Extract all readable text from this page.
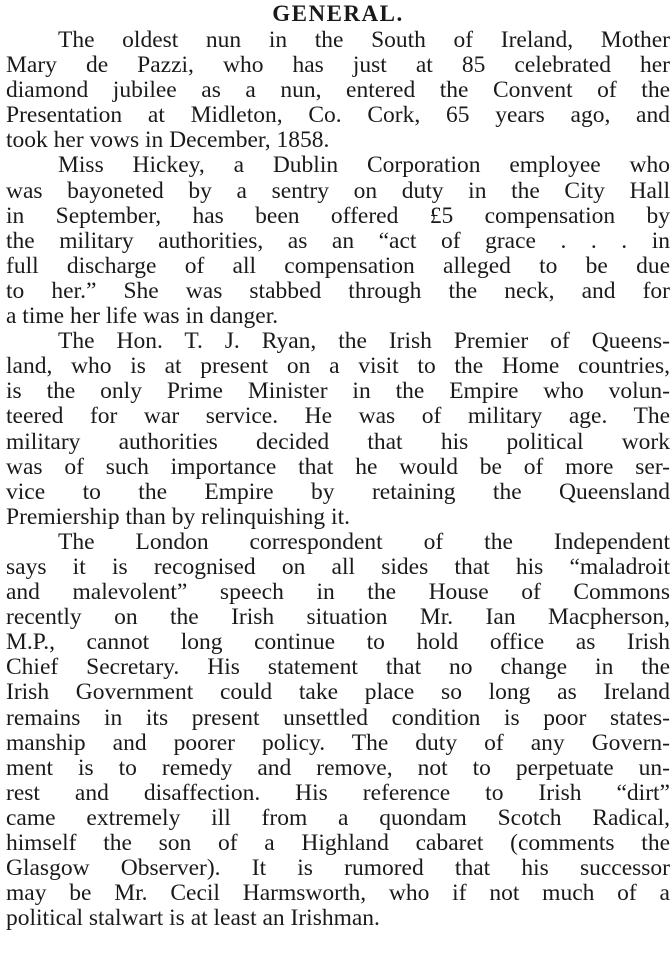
GENERAL.

The oldest nun in the South of Ireland, Mother
Mary de Pazzi, who has just at 85 celebrated her
diamond jubilee as a nun, entered the Convent of the
Presentation at Midleton, Co. Cork, 65 years ago, and
took her vows in December, 1858.

Miss Hickey, a Dublin Corporation employee who
was bayoneted by a sentry on duty in the City Hall
in September, has been offered £5 compensation by
the military authorities, as an “act of grace . . . in
full discharge of all compensation alleged to be due
to her.” She was stabbed through the neck, and for
a time her life was in danger.

The Hon. T. J. Ryan, the Irish Premier of Queens-
land, who is at present on a visit to the Home countries,
is the only Prime Minister in the Empire who volun-
teered for war service. He was of military age. The
military authorities decided that his political work
was of such importance that he would be of more ser-
vice to the Empire by retaining the Queensland
Premiership than by relinquishing it.

The London correspondent of the Independent
says it is recognised on all sides that his “maladroit
and malevolent” speech in the House of Commons
recently on the Irish situation Mr. Ian Macpherson,
M.P., cannot long continue to hold office as Irish
Chief Secretary. His statement that no change in the
Irish Government could take place so long as Ireland
remains in its present unsettled condition is poor states-
manship and poorer policy. The duty of any Govern-
ment is to remedy and remove, not to perpetuate un-
rest and disaffection. His reference to Irish “dirt”
came extremely ill from a quondam Scotch Radical,
himself the son of a Highland cabaret (comments the
Glasgow Observer). It is rumored that his successor
may be Mr. Cecil Harmsworth, who if not much of a
political stalwart is at least an Irishman.
